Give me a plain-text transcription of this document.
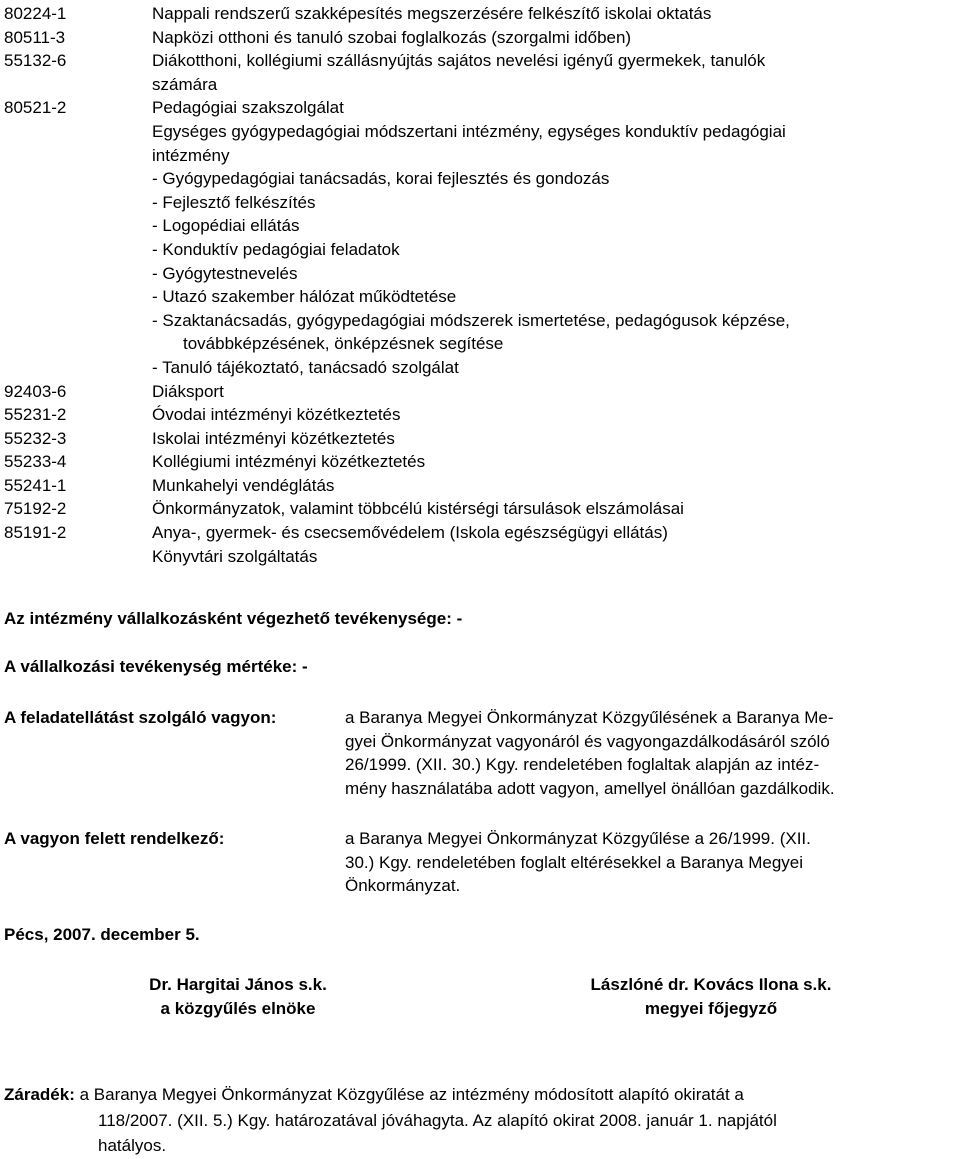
80224-1	Nappali rendszerű szakképesítés megszerzésére felkészítő iskolai oktatás
80511-3	Napközi otthoni és tanuló szobai foglalkozás (szorgalmi időben)
55132-6	Diákotthoni, kollégiumi szállásnyújtás sajátos nevelési igényű gyermekek, tanulók
számára
80521-2	Pedagógiai szakszolgálat
Egységes gyógypedagógiai módszertani intézmény, egységes konduktív pedagógiai
intézmény
- Gyógypedagógiai tanácsadás, korai fejlesztés és gondozás
- Fejlesztő felkészítés
- Logopédiai ellátás
- Konduktív pedagógiai feladatok
- Gyógytestnevelés
- Utazó szakember hálózat működtetése
- Szaktanácsadás, gyógypedagógiai módszerek ismertetése, pedagógusok képzése,
továbbképzésének, önképzésnek segítése
- Tanuló tájékoztató, tanácsadó szolgálat
92403-6	Diáksport
55231-2	Óvodai intézményi közétkeztetés
55232-3	Iskolai intézményi közétkeztetés
55233-4	Kollégiumi intézményi közétkeztetés
55241-1	Munkahelyi vendéglátás
75192-2	Önkormányzatok, valamint többcélú kistérségi társulások elszámolásai
85191-2	Anya-, gyermek- és csecsemővédelem (Iskola egészségügyi ellátás)
Könyvtári szolgáltatás
Az intézmény vállalkozásként végezhető tevékenysége: -
A vállalkozási tevékenység mértéke: -
A feladatellátást szolgáló vagyon:	a Baranya Megyei Önkormányzat Közgyűlésének a Baranya Me-
gyei Önkormányzat vagyonáról és vagyongazdálkodásáról szóló
26/1999. (XII. 30.) Kgy. rendeletében foglaltak alapján az intéz-
mény használatába adott vagyon, amellyel önállóan gazdálkodik.
A vagyon felett rendelkező:	a Baranya Megyei Önkormányzat Közgyűlése a 26/1999. (XII.
30.) Kgy. rendeletében foglalt eltérésekkel a Baranya Megyei
Önkormányzat.
Pécs, 2007. december 5.
Dr. Hargitai János s.k.
a közgyűlés elnöke
Lászlóné dr. Kovács Ilona s.k.
megyei főjegyző
Záradék: a Baranya Megyei Önkormányzat Közgyűlése az intézmény módosított alapító okiratát a
118/2007. (XII. 5.) Kgy. határozatával jóváhagyta. Az alapító okirat 2008. január 1. napjától
hatályos.
